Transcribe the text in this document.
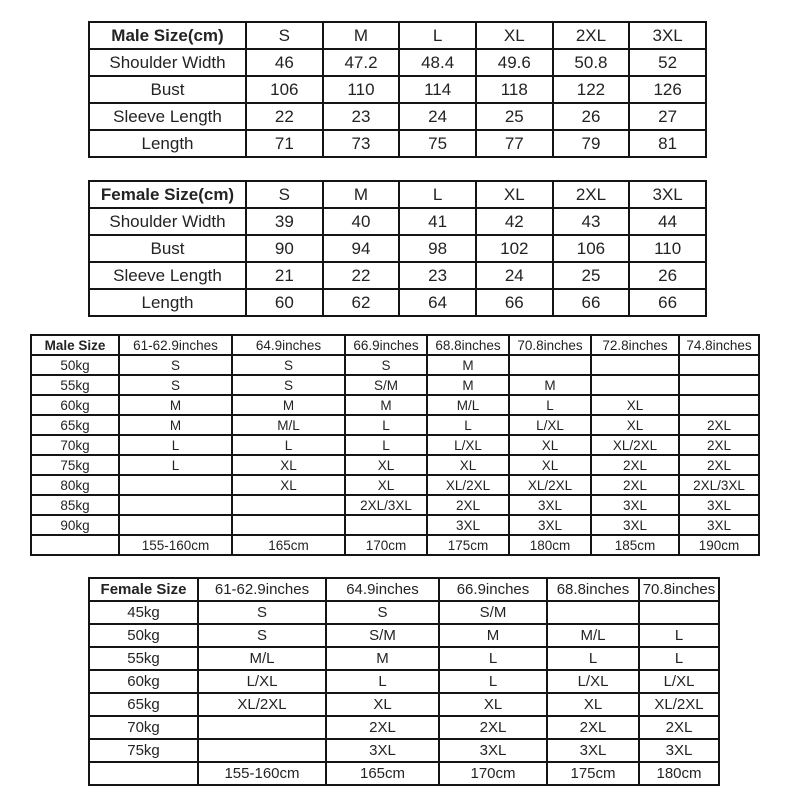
Male Size(cm)	S	M	L	XL	2XL	3XL
Shoulder Width	46	47.2	48.4	49.6	50.8	52
Bust	106	110	114	118	122	126
Sleeve Length	22	23	24	25	26	27
Length	71	73	75	77	79	81
Female Size(cm)	S	M	L	XL	2XL	3XL
Shoulder Width	39	40	41	42	43	44
Bust	90	94	98	102	106	110
Sleeve Length	21	22	23	24	25	26
Length	60	62	64	66	66	66
Male Size	61-62.9inches	64.9inches	66.9inches	68.8inches	70.8inches	72.8inches	74.8inches
50kg	S	S	S	M			
55kg	S	S	S/M	M	M		
60kg	M	M	M	M/L	L	XL	
65kg	M	M/L	L	L	L/XL	XL	2XL
70kg	L	L	L	L/XL	XL	XL/2XL	2XL
75kg	L	XL	XL	XL	XL	2XL	2XL
80kg		XL	XL	XL/2XL	XL/2XL	2XL	2XL/3XL
85kg			2XL/3XL	2XL	3XL	3XL	3XL
90kg				3XL	3XL	3XL	3XL
	155-160cm	165cm	170cm	175cm	180cm	185cm	190cm
Female Size	61-62.9inches	64.9inches	66.9inches	68.8inches	70.8inches
45kg	S	S	S/M		
50kg	S	S/M	M	M/L	L
55kg	M/L	M	L	L	L
60kg	L/XL	L	L	L/XL	L/XL
65kg	XL/2XL	XL	XL	XL	XL/2XL
70kg		2XL	2XL	2XL	2XL
75kg		3XL	3XL	3XL	3XL
	155-160cm	165cm	170cm	175cm	180cm
